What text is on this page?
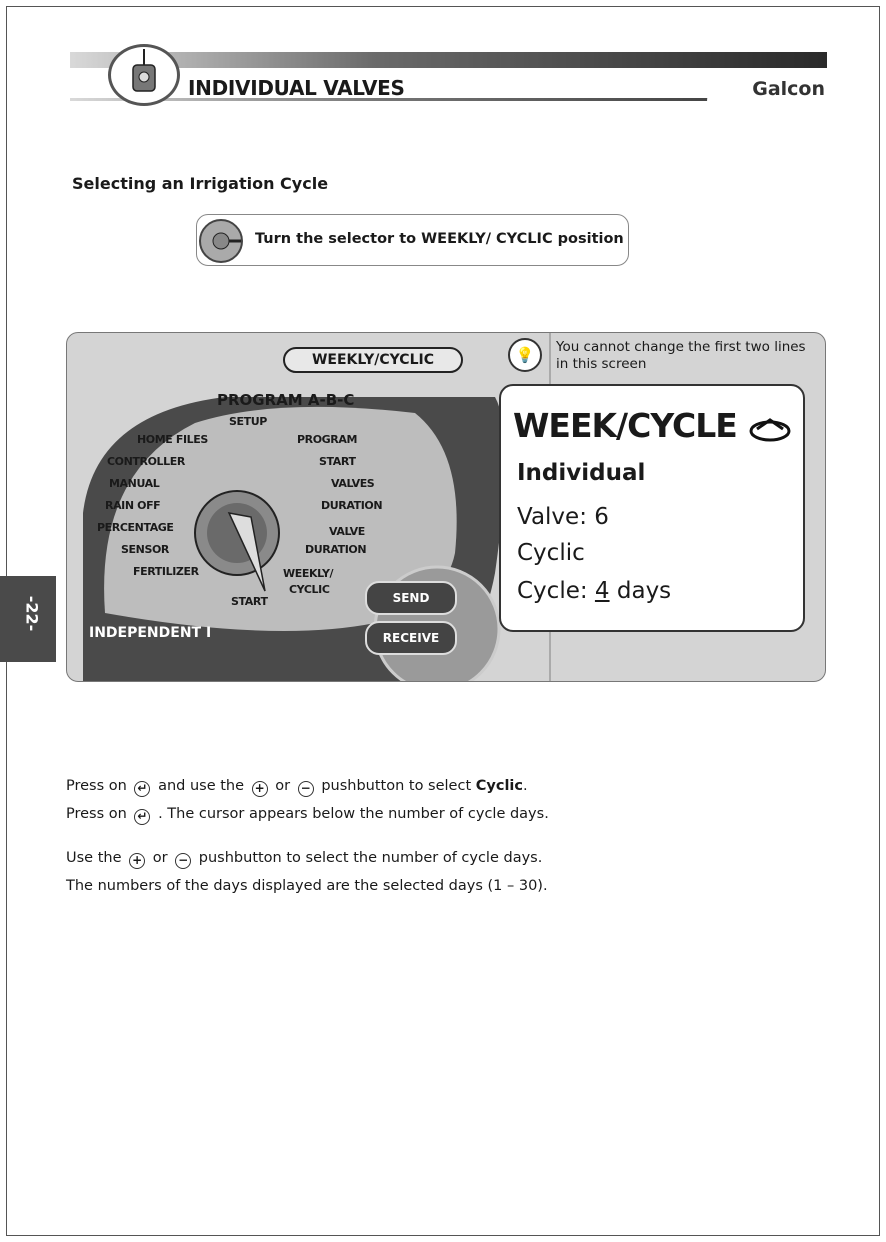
INDIVIDUAL VALVES	Galcon
Selecting an Irrigation Cycle
Turn the selector to WEEKLY/ CYCLIC position
HOME FILES
SETUP
CONTROLLER
MANUAL
RAIN OFF
PERCENTAGE
SENSOR
FERTILIZER
START
PROGRAM
START
VALVES
DURATION
VALVE
DURATION
WEEKLY/
CYCLIC
SEND
RECEIVE
WEEKLY/CYCLIC
PROGRAM A-B-C
INDEPENDENT I
💡	You cannot change the first two lines in this screen
WEEK/CYCLE
Individual
Valve: 6
Cyclic
Cycle: 4 days
-22-
Press on ↵ and use the + or − pushbutton to select Cyclic.
Press on ↵ . The cursor appears below the number of cycle days.
Use the + or − pushbutton to select the number of cycle days.
The numbers of the days displayed are the selected days (1 – 30).
